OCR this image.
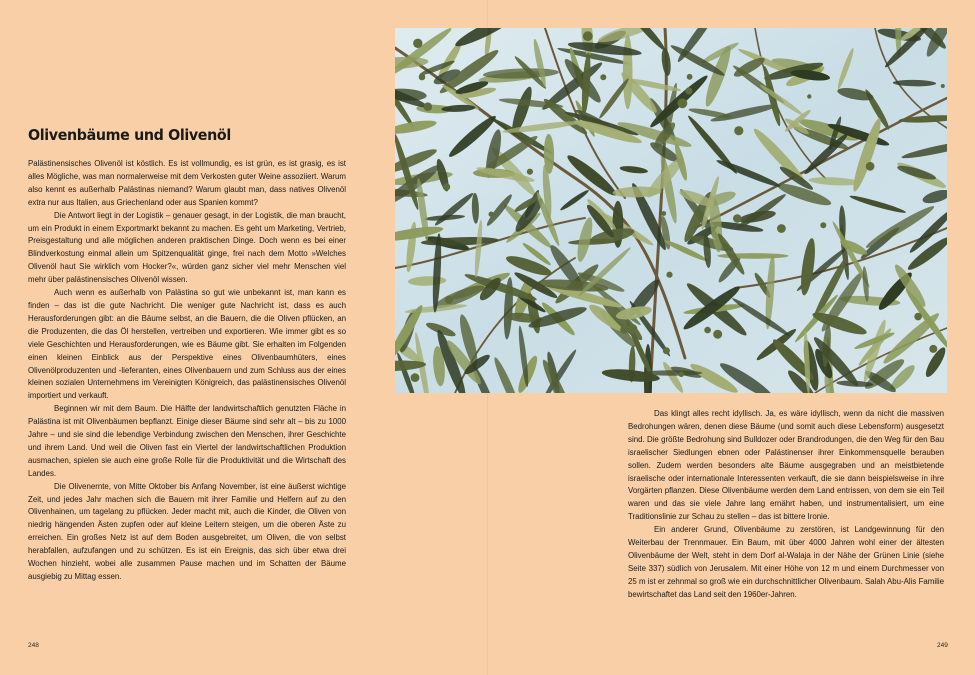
Olivenbäume und Olivenöl

Palästinensisches Olivenöl ist köstlich. Es ist vollmundig, es ist grün, es ist grasig, es ist alles Mögliche, was man normalerweise mit dem Verkosten guter Weine assoziiert. Warum also kennt es außerhalb Palästinas niemand? Warum glaubt man, dass natives Olivenöl extra nur aus Italien, aus Griechenland oder aus Spanien kommt?

Die Antwort liegt in der Logistik – genauer gesagt, in der Logistik, die man braucht, um ein Produkt in einem Exportmarkt bekannt zu machen. Es geht um Marketing, Vertrieb, Preisgestaltung und alle möglichen anderen praktischen Dinge. Doch wenn es bei einer Blindverkostung einmal allein um Spitzenqualität ginge, frei nach dem Motto »Welches Olivenöl haut Sie wirklich vom Hocker?«, würden ganz sicher viel mehr Menschen viel mehr über palästinensisches Olivenöl wissen.

Auch wenn es außerhalb von Palästina so gut wie unbekannt ist, man kann es finden – das ist die gute Nachricht. Die weniger gute Nachricht ist, dass es auch Herausforderungen gibt: an die Bäume selbst, an die Bauern, die die Oliven pflücken, an die Produzenten, die das Öl herstellen, vertreiben und exportieren. Wie immer gibt es so viele Geschichten und Herausforderungen, wie es Bäume gibt. Sie erhalten im Folgenden einen kleinen Einblick aus der Perspektive eines Olivenbaumhüters, eines Olivenölproduzenten und -lieferanten, eines Olivenbauern und zum Schluss aus der eines kleinen sozialen Unternehmens im Vereinigten Königreich, das palästinensisches Olivenöl importiert und verkauft.

Beginnen wir mit dem Baum. Die Hälfte der landwirtschaftlich genutzten Fläche in Palästina ist mit Olivenbäumen bepflanzt. Einige dieser Bäume sind sehr alt – bis zu 1000 Jahre – und sie sind die lebendige Verbindung zwischen den Menschen, ihrer Geschichte und ihrem Land. Und weil die Oliven fast ein Viertel der landwirtschaftlichen Produktion ausmachen, spielen sie auch eine große Rolle für die Produktivität und die Wirtschaft des Landes.

Die Olivenernte, von Mitte Oktober bis Anfang November, ist eine äußerst wichtige Zeit, und jedes Jahr machen sich die Bauern mit ihrer Familie und Helfern auf zu den Olivenhainen, um tagelang zu pflücken. Jeder macht mit, auch die Kinder, die Oliven von niedrig hängenden Ästen zupfen oder auf kleine Leitern steigen, um die oberen Äste zu erreichen. Ein großes Netz ist auf dem Boden ausgebreitet, um Oliven, die von selbst herabfallen, aufzufangen und zu schützen. Es ist ein Ereignis, das sich über etwa drei Wochen hinzieht, wobei alle zusammen Pause machen und im Schatten der Bäume ausgiebig zu Mittag essen.

Das klingt alles recht idyllisch. Ja, es wäre idyllisch, wenn da nicht die massiven Bedrohungen wären, denen diese Bäume (und somit auch diese Lebensform) ausgesetzt sind. Die größte Bedrohung sind Bulldozer oder Brandrodungen, die den Weg für den Bau israelischer Siedlungen ebnen oder Palästinenser ihrer Einkommensquelle berauben sollen. Zudem werden besonders alte Bäume ausgegraben und an meistbietende israelische oder internationale Interessenten verkauft, die sie dann beispielsweise in ihre Vorgärten pflanzen. Diese Olivenbäume werden dem Land entrissen, von dem sie ein Teil waren und das sie viele Jahre lang ernährt haben, und instrumentalisiert, um eine Traditionslinie zur Schau zu stellen – das ist bittere Ironie.

Ein anderer Grund, Olivenbäume zu zerstören, ist Landgewinnung für den Weiterbau der Trennmauer. Ein Baum, mit über 4000 Jahren wohl einer der ältesten Olivenbäume der Welt, steht in dem Dorf al-Walaja in der Nähe der Grünen Linie (siehe Seite 337) südlich von Jerusalem. Mit einer Höhe von 12 m und einem Durchmesser von 25 m ist er zehnmal so groß wie ein durchschnittlicher Olivenbaum. Salah Abu-Alis Familie bewirtschaftet das Land seit den 1960er-Jahren.

248	249
